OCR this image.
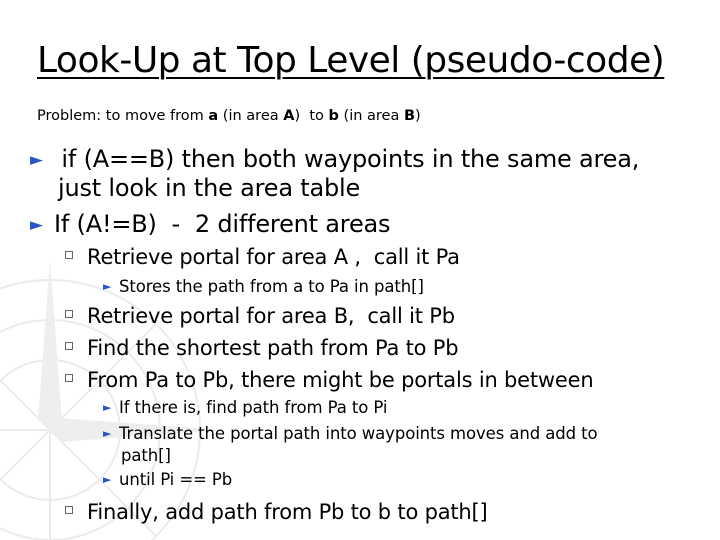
Look-Up at Top Level (pseudo-code)
Problem: to move from a (in area A)  to b (in area B)
► if (A==B) then both waypoints in the same area,
just look in the area table
► If (A!=B)  -  2 different areas
Retrieve portal for area A ,  call it Pa
► Stores the path from a to Pa in path[]
Retrieve portal for area B,  call it Pb
Find the shortest path from Pa to Pb
From Pa to Pb, there might be portals in between
► If there is, find path from Pa to Pi
► Translate the portal path into waypoints moves and add to
path[]
► until Pi == Pb
Finally, add path from Pb to b to path[]
